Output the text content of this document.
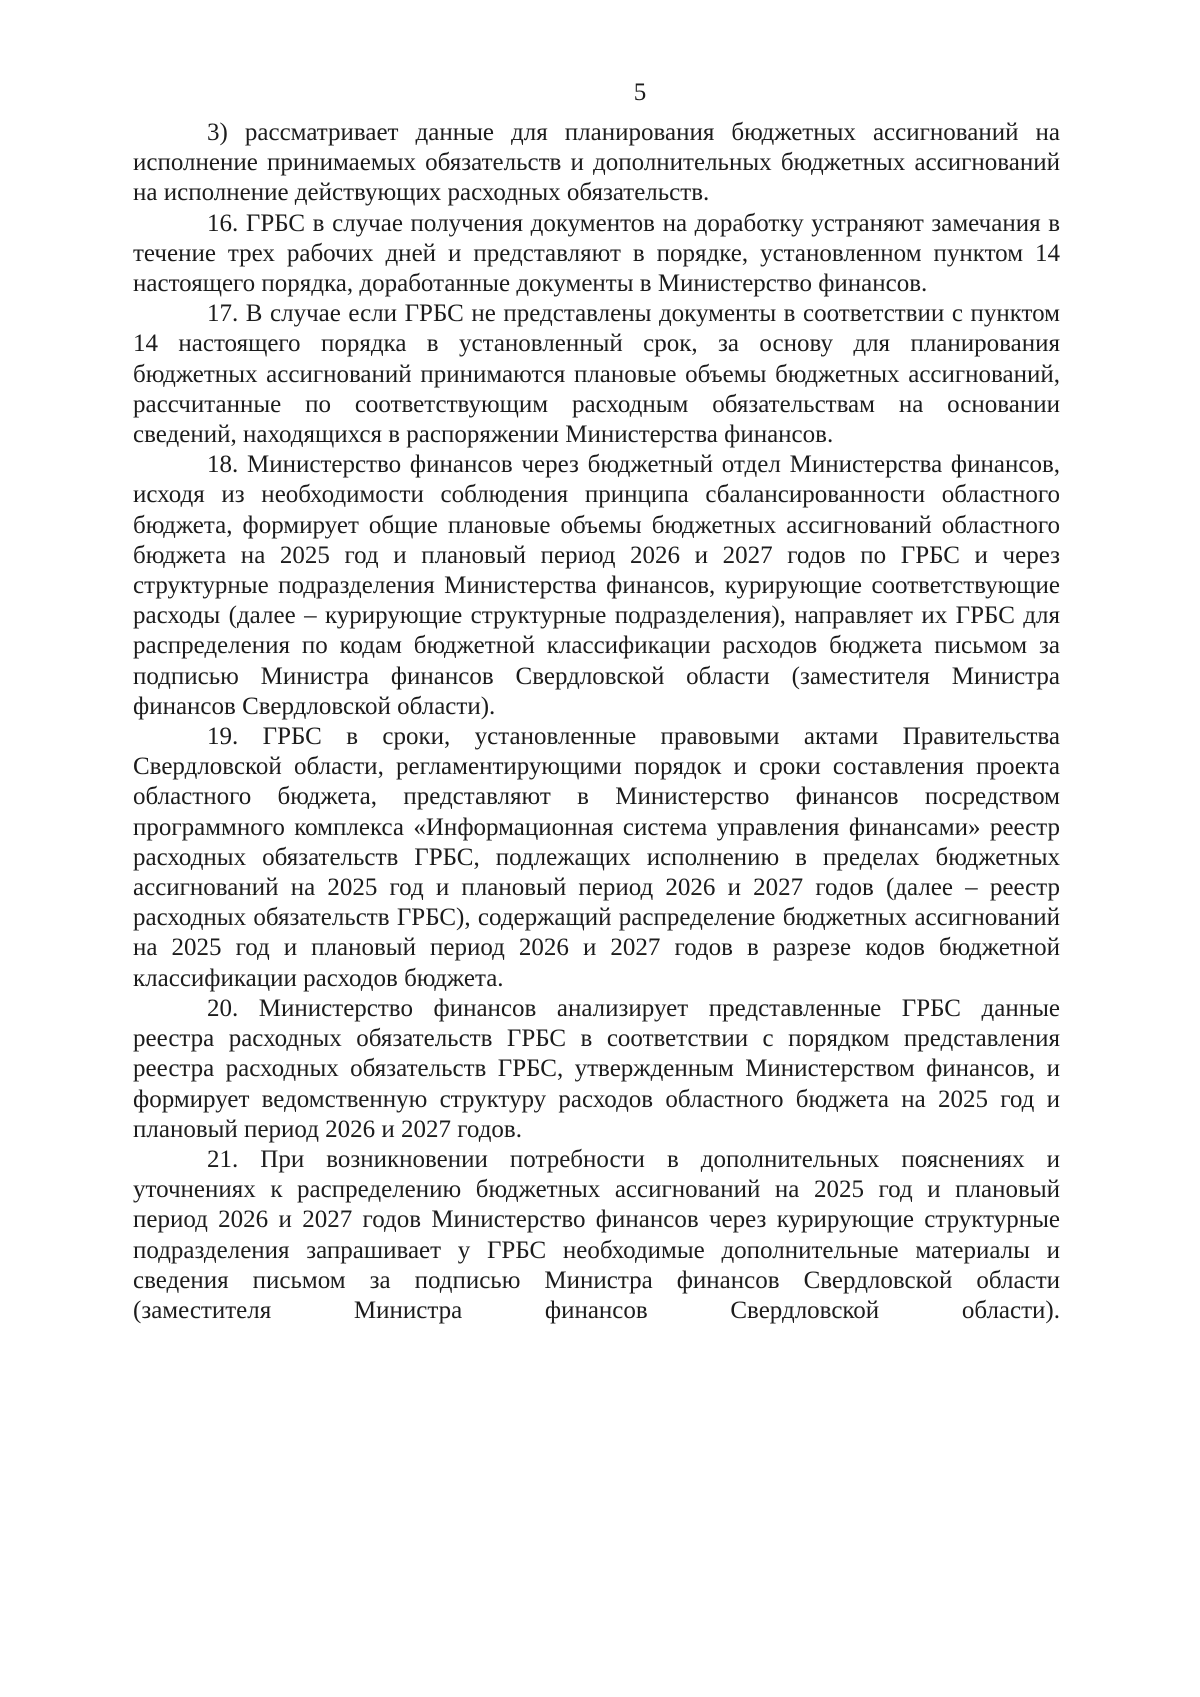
5

3) рассматривает данные для планирования бюджетных ассигнований на исполнение принимаемых обязательств и дополнительных бюджетных ассигнований на исполнение действующих расходных обязательств.

16. ГРБС в случае получения документов на доработку устраняют замечания в течение трех рабочих дней и представляют в порядке, установленном пунктом 14 настоящего порядка, доработанные документы в Министерство финансов.

17. В случае если ГРБС не представлены документы в соответствии с пунктом 14 настоящего порядка в установленный срок, за основу для планирования бюджетных ассигнований принимаются плановые объемы бюджетных ассигнований, рассчитанные по соответствующим расходным обязательствам на основании сведений, находящихся в распоряжении Министерства финансов.

18. Министерство финансов через бюджетный отдел Министерства финансов, исходя из необходимости соблюдения принципа сбалансированности областного бюджета, формирует общие плановые объемы бюджетных ассигнований областного бюджета на 2025 год и плановый период 2026 и 2027 годов по ГРБС и через структурные подразделения Министерства финансов, курирующие соответствующие расходы (далее – курирующие структурные подразделения), направляет их ГРБС для распределения по кодам бюджетной классификации расходов бюджета письмом за подписью Министра финансов Свердловской области (заместителя Министра финансов Свердловской области).

19. ГРБС в сроки, установленные правовыми актами Правительства Свердловской области, регламентирующими порядок и сроки составления проекта областного бюджета, представляют в Министерство финансов посредством программного комплекса «Информационная система управления финансами» реестр расходных обязательств ГРБС, подлежащих исполнению в пределах бюджетных ассигнований на 2025 год и плановый период 2026 и 2027 годов (далее – реестр расходных обязательств ГРБС), содержащий распределение бюджетных ассигнований на 2025 год и плановый период 2026 и 2027 годов в разрезе кодов бюджетной классификации расходов бюджета.

20. Министерство финансов анализирует представленные ГРБС данные реестра расходных обязательств ГРБС в соответствии с порядком представления реестра расходных обязательств ГРБС, утвержденным Министерством финансов, и формирует ведомственную структуру расходов областного бюджета на 2025 год и плановый период 2026 и 2027 годов.

21. При возникновении потребности в дополнительных пояснениях и уточнениях к распределению бюджетных ассигнований на 2025 год и плановый период 2026 и 2027 годов Министерство финансов через курирующие структурные подразделения запрашивает у ГРБС необходимые дополнительные материалы и сведения письмом за подписью Министра финансов Свердловской области (заместителя Министра финансов Свердловской области).
